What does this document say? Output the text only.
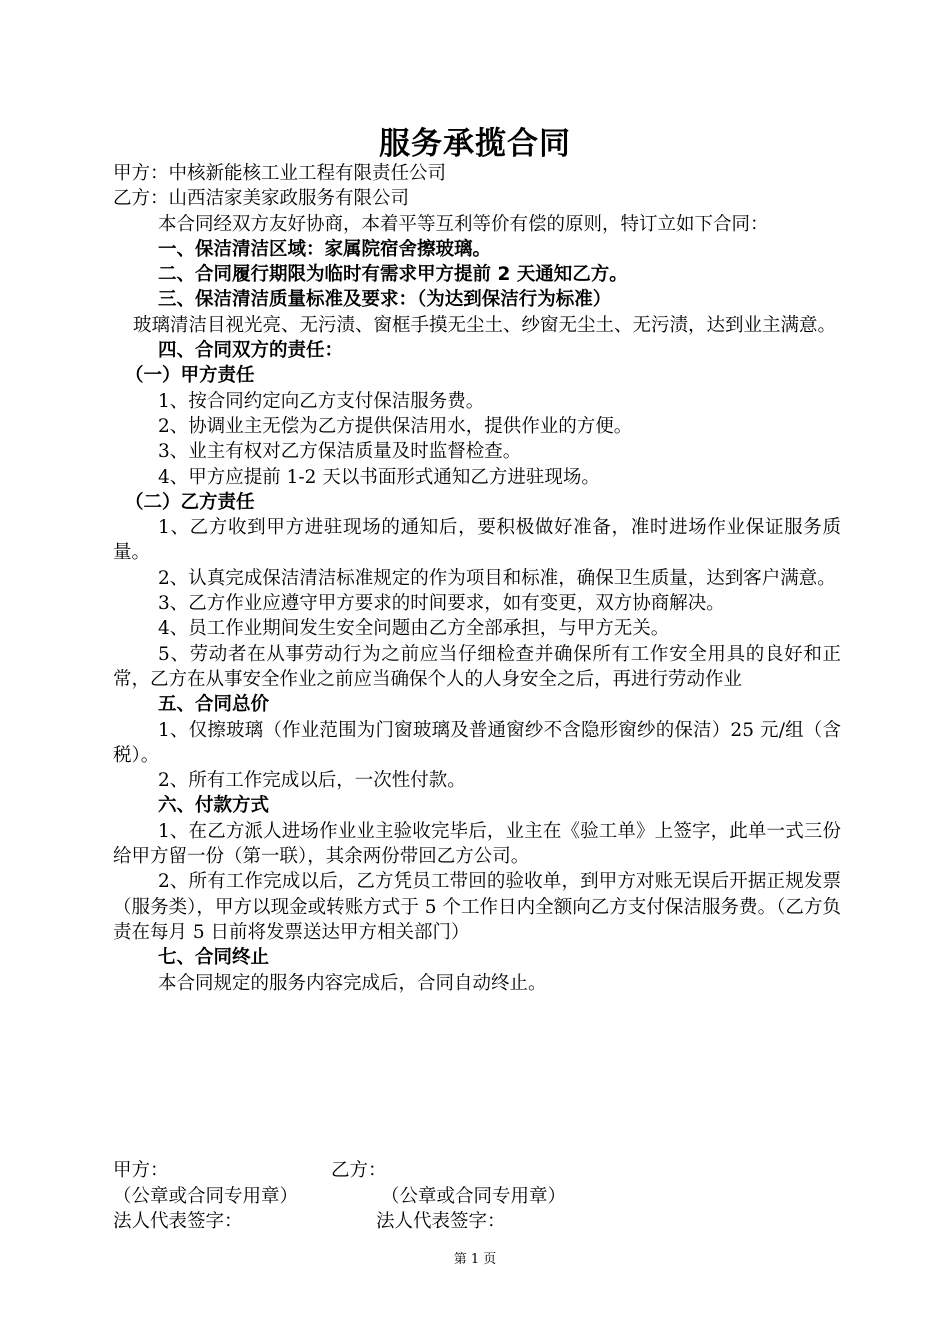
服务承揽合同

甲方：中核新能核工业工程有限责任公司

乙方：山西洁家美家政服务有限公司

本合同经双方友好协商，本着平等互利等价有偿的原则，特订立如下合同：

一、保洁清洁区域：家属院宿舍擦玻璃。

二、合同履行期限为临时有需求甲方提前 2 天通知乙方。

三、保洁清洁质量标准及要求：（为达到保洁行为标准）

玻璃清洁目视光亮、无污渍、窗框手摸无尘土、纱窗无尘土、无污渍，达到业主满意。

四、合同双方的责任：

（一）甲方责任

1、按合同约定向乙方支付保洁服务费。

2、协调业主无偿为乙方提供保洁用水，提供作业的方便。

3、业主有权对乙方保洁质量及时监督检查。

4、甲方应提前 1-2 天以书面形式通知乙方进驻现场。

（二）乙方责任

1、乙方收到甲方进驻现场的通知后，要积极做好准备，准时进场作业保证服务质量。

2、认真完成保洁清洁标准规定的作为项目和标准，确保卫生质量，达到客户满意。

3、乙方作业应遵守甲方要求的时间要求，如有变更，双方协商解决。

4、员工作业期间发生安全问题由乙方全部承担，与甲方无关。

5、劳动者在从事劳动行为之前应当仔细检查并确保所有工作安全用具的良好和正常，乙方在从事安全作业之前应当确保个人的人身安全之后，再进行劳动作业

五、合同总价

1、仅擦玻璃（作业范围为门窗玻璃及普通窗纱不含隐形窗纱的保洁）25 元/组（含税）。

2、所有工作完成以后，一次性付款。

六、付款方式

1、在乙方派人进场作业业主验收完毕后，业主在《验工单》上签字，此单一式三份给甲方留一份（第一联），其余两份带回乙方公司。

2、所有工作完成以后，乙方凭员工带回的验收单，到甲方对账无误后开据正规发票（服务类），甲方以现金或转账方式于 5 个工作日内全额向乙方支付保洁服务费。（乙方负责在每月 5 日前将发票送达甲方相关部门）

七、合同终止

本合同规定的服务内容完成后，合同自动终止。

甲方：	乙方：
（公章或合同专用章）	（公章或合同专用章）
法人代表签字：	法人代表签字：
第 1 页
